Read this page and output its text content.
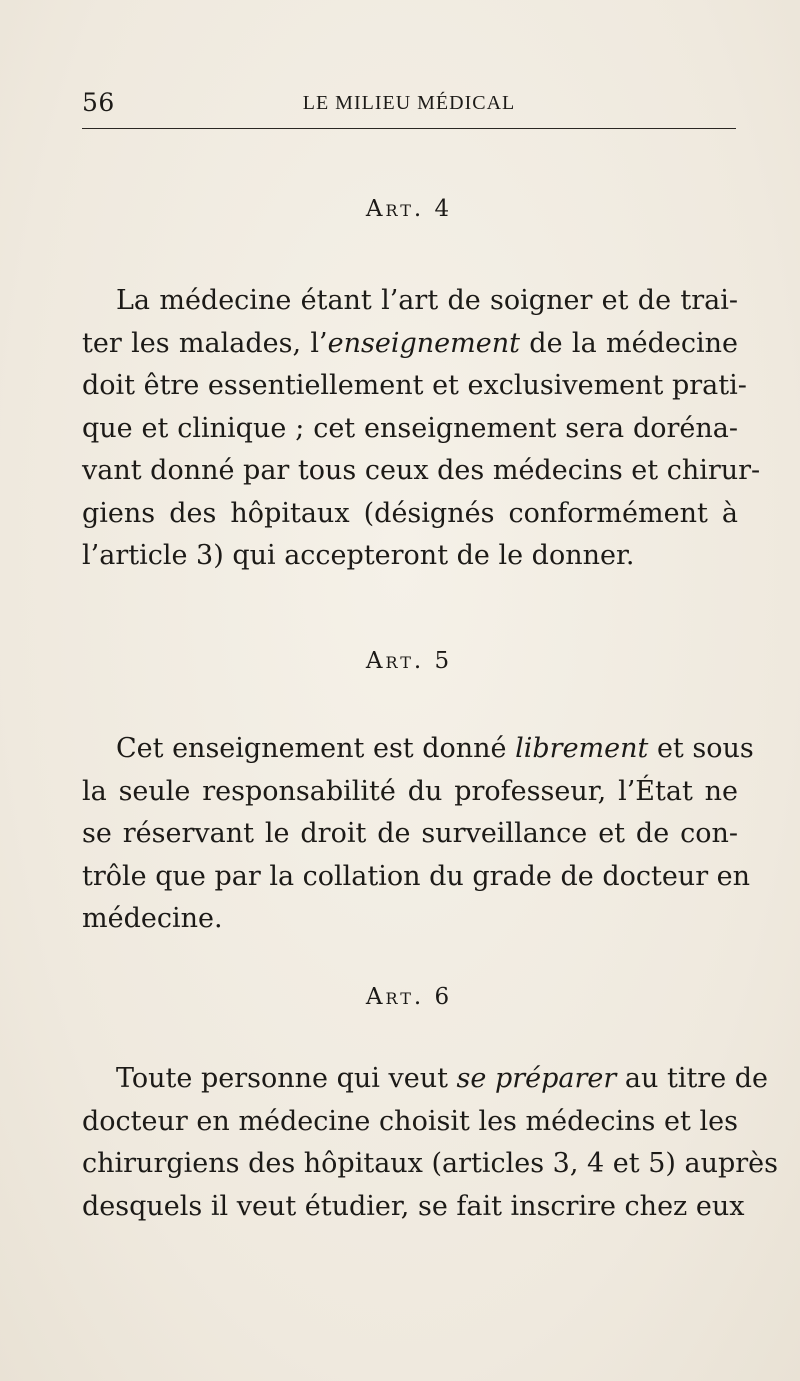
56	LE MILIEU MÉDICAL
Art. 4
La médecine étant l’art de soigner et de trai-
ter les malades, l’enseignement de la médecine
doit être essentiellement et exclusivement prati-
que et clinique ; cet enseignement sera doréna-
vant donné par tous ceux des médecins et chirur-
giens des hôpitaux (désignés conformément à
l’article 3) qui accepteront de le donner.
Art. 5
Cet enseignement est donné librement et sous
la seule responsabilité du professeur, l’État ne
se réservant le droit de surveillance et de con-
trôle que par la collation du grade de docteur en
médecine.
Art. 6
Toute personne qui veut se préparer au titre de
docteur en médecine choisit les médecins et les
chirurgiens des hôpitaux (articles 3, 4 et 5) auprès
desquels il veut étudier, se fait inscrire chez eux
